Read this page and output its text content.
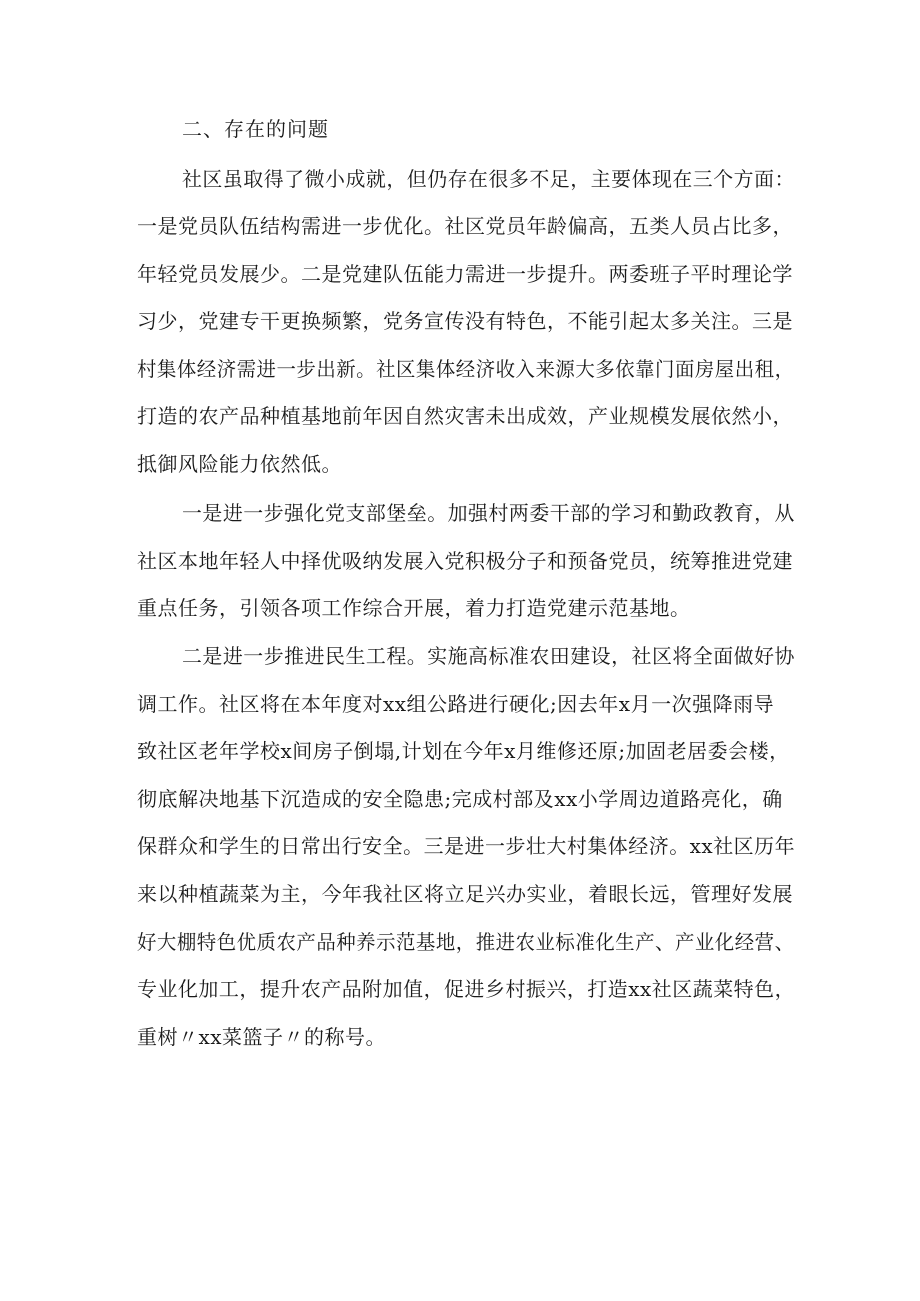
二、存在的问题
社区虽取得了微小成就，但仍存在很多不足，主要体现在三个方面：
一是党员队伍结构需进一步优化。社区党员年龄偏高，五类人员占比多，
年轻党员发展少。二是党建队伍能力需进一步提升。两委班子平时理论学
习少，党建专干更换频繁，党务宣传没有特色，不能引起太多关注。三是
村集体经济需进一步出新。社区集体经济收入来源大多依靠门面房屋出租，
打造的农产品种植基地前年因自然灾害未出成效，产业规模发展依然小，
抵御风险能力依然低。
一是进一步强化党支部堡垒。加强村两委干部的学习和勤政教育，从
社区本地年轻人中择优吸纳发展入党积极分子和预备党员，统筹推进党建
重点任务，引领各项工作综合开展，着力打造党建示范基地。
二是进一步推进民生工程。实施高标准农田建设，社区将全面做好协
调工作。社区将在本年度对xx组公路进行硬化;因去年x月一次强降雨导
致社区老年学校x间房子倒塌,计划在今年x月维修还原;加固老居委会楼，
彻底解决地基下沉造成的安全隐患;完成村部及xx小学周边道路亮化，确
保群众和学生的日常出行安全。三是进一步壮大村集体经济。xx社区历年
来以种植蔬菜为主，今年我社区将立足兴办实业，着眼长远，管理好发展
好大棚特色优质农产品种养示范基地，推进农业标准化生产、产业化经营、
专业化加工，提升农产品附加值，促进乡村振兴，打造xx社区蔬菜特色，
重树〃xx菜篮子〃的称号。
